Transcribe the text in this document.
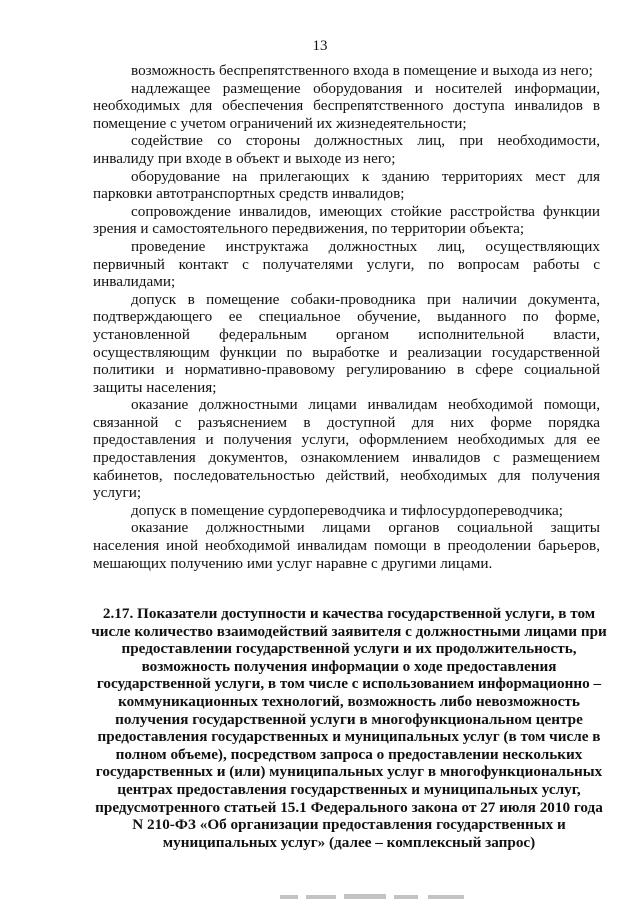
13

возможность беспрепятственного входа в помещение и выхода из него;

надлежащее размещение оборудования и носителей информации, необходимых для обеспечения беспрепятственного доступа инвалидов в помещение с учетом ограничений их жизнедеятельности;

содействие со стороны должностных лиц, при необходимости, инвалиду при входе в объект и выходе из него;

оборудование на прилегающих к зданию территориях мест для парковки автотранспортных средств инвалидов;

сопровождение инвалидов, имеющих стойкие расстройства функции зрения и самостоятельного передвижения, по территории объекта;

проведение инструктажа должностных лиц, осуществляющих первичный контакт с получателями услуги, по вопросам работы с инвалидами;

допуск в помещение собаки-проводника при наличии документа, подтверждающего ее специальное обучение, выданного по форме, установленной федеральным органом исполнительной власти, осуществляющим функции по выработке и реализации государственной политики и нормативно-правовому регулированию в сфере социальной защиты населения;

оказание должностными лицами инвалидам необходимой помощи, связанной с разъяснением в доступной для них форме порядка предоставления и получения услуги, оформлением необходимых для ее предоставления документов, ознакомлением инвалидов с размещением кабинетов, последовательностью действий, необходимых для получения услуги;

допуск в помещение сурдопереводчика и тифлосурдопереводчика;

оказание должностными лицами органов социальной защиты населения иной необходимой инвалидам помощи в преодолении барьеров, мешающих получению ими услуг наравне с другими лицами.

2.17. Показатели доступности и качества государственной услуги, в том числе количество взаимодействий заявителя с должностными лицами при предоставлении государственной услуги и их продолжительность, возможность получения информации о ходе предоставления государственной услуги, в том числе с использованием информационно – коммуникационных технологий, возможность либо невозможность получения государственной услуги в многофункциональном центре предоставления государственных и муниципальных услуг (в том числе в полном объеме), посредством запроса о предоставлении нескольких государственных и (или) муниципальных услуг в многофункциональных центрах предоставления государственных и муниципальных услуг, предусмотренного статьей 15.1 Федерального закона от 27 июля 2010 года N 210-ФЗ «Об организации предоставления государственных и муниципальных услуг» (далее – комплексный запрос)
